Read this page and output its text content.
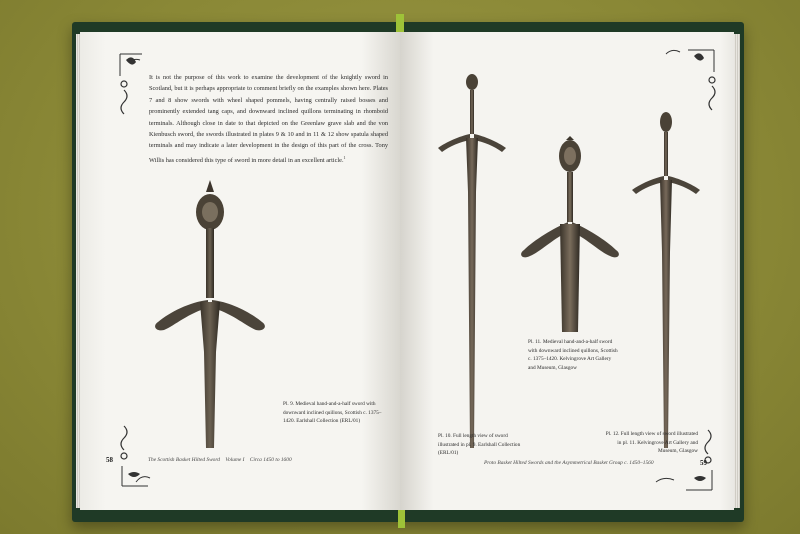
It is not the purpose of this work to examine the development of the knightly sword in Scotland, but it is perhaps appropriate to comment briefly on the examples shown here. Plates 7 and 8 show swords with wheel shaped pommels, having centrally raised bosses and prominently extended tang caps, and downward inclined quillons terminating in rhomboid terminals. Although close in date to that depicted on the Greenlaw grave slab and the von Kienbusch sword, the swords illustrated in plates 9 & 10 and in 11 & 12 show spatula shaped terminals and may indicate a later development in the design of this part of the cross. Tony Willis has considered this type of sword in more detail in an excellent article.$^1$

Pl. 9. Medieval hand-and-a-half sword with downward inclined quillons, Scottish c. 1375–1420. Earlshall Collection (ERL/01)

58	The Scottish Basket Hilted Sword Volume I Circa 1450 to 1600

Pl. 11. Medieval hand-and-a-half sword with downward inclined quillons, Scottish c. 1375–1420. Kelvingrove Art Gallery and Museum, Glasgow

Pl. 10. Full length view of sword illustrated in pl. 9. Earlshall Collection (ERL/01)

Pl. 12. Full length view of sword illustrated in pl. 11. Kelvingrove Art Gallery and Museum, Glasgow

Proto Basket Hilted Swords and the Asymmetrical Basket Group c. 1450–1560	59
